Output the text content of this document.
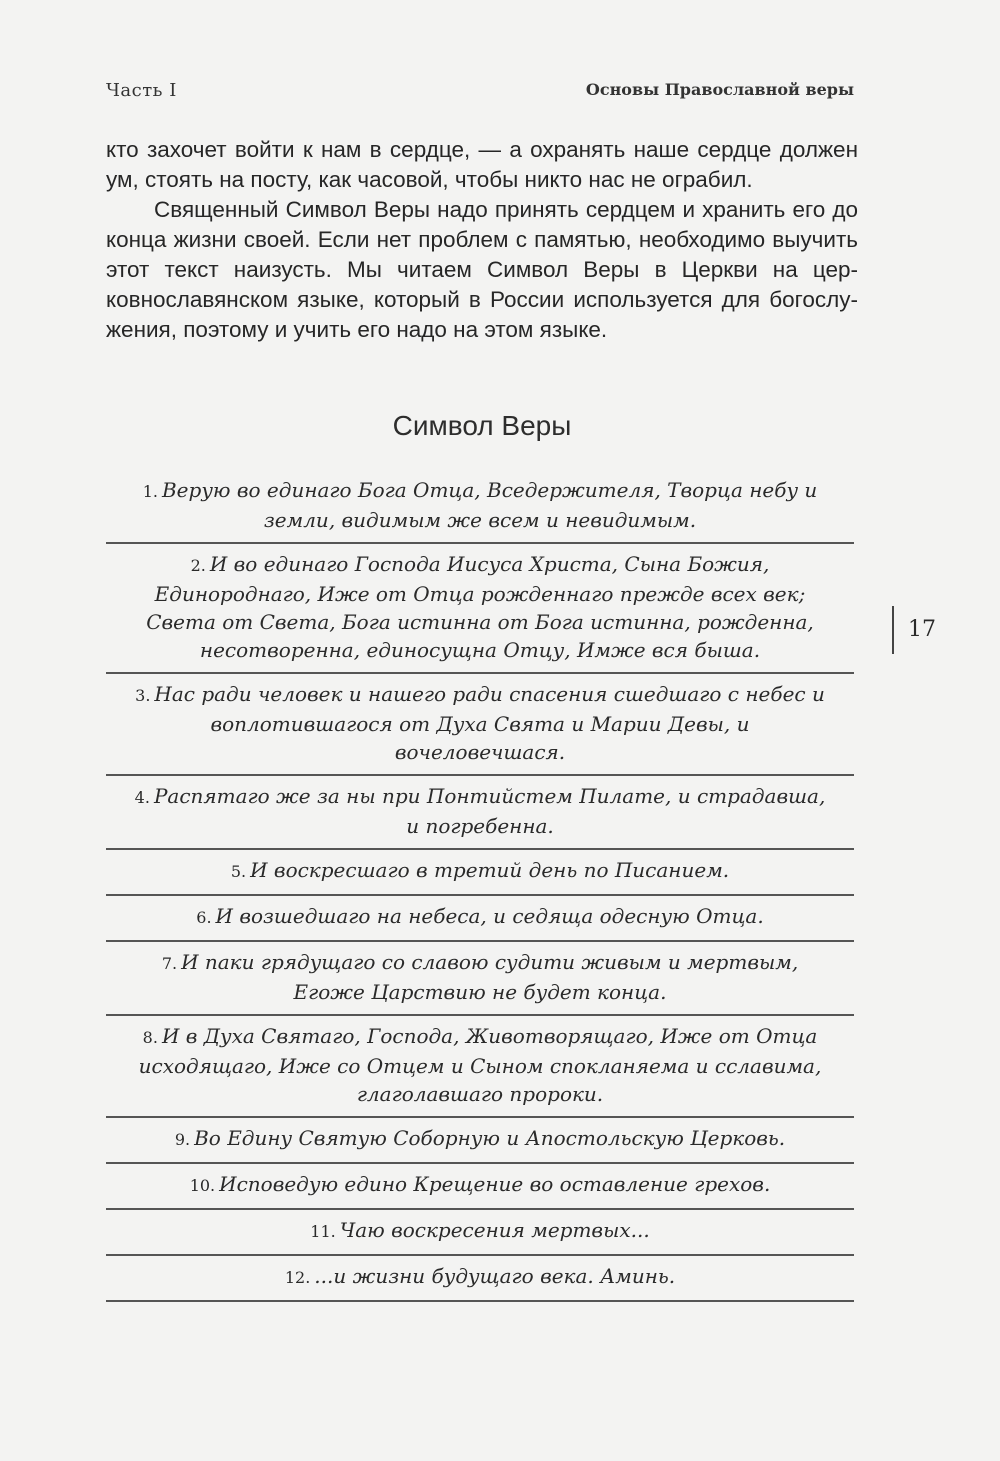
Часть I	Основы Православной веры

кто захочет войти к нам в сердце, — а охранять наше сердце должен ум, стоять на посту, как часовой, чтобы никто нас не ограбил.

Священный Символ Веры надо принять сердцем и хранить его до конца жизни своей. Если нет проблем с памятью, необходимо выучить этот текст наизусть. Мы читаем Символ Веры в Церкви на церковнославянском языке, который в России используется для богослужения, поэтому и учить его надо на этом языке.

Символ Веры
1. Верую во единаго Бога Отца, Вседержителя, Творца небу и земли, видимым же всем и невидимым.
2. И во единаго Господа Иисуса Христа, Сына Божия, Единороднаго, Иже от Отца рожденнаго прежде всех век; Света от Света, Бога истинна от Бога истинна, рожденна, несотворенна, единосущна Отцу, Имже вся быша.
3. Нас ради человек и нашего ради спасения сшедшаго с небес и воплотившагося от Духа Свята и Марии Девы, и вочеловечшася.
4. Распятаго же за ны при Понтийстем Пилате, и страдавша, и погребенна.
5. И воскресшаго в третий день по Писанием.
6. И возшедшаго на небеса, и седяща одесную Отца.
7. И паки грядущаго со славою судити живым и мертвым, Егоже Царствию не будет конца.
8. И в Духа Святаго, Господа, Животворящаго, Иже от Отца исходящаго, Иже со Отцем и Сыном спокланяема и сславима, глаголавшаго пророки.
9. Во Едину Святую Соборную и Апостольскую Церковь.
10. Исповедую едино Крещение во оставление грехов.
11. Чаю воскресения мертвых...
12. ...и жизни будущаго века. Аминь.
17
